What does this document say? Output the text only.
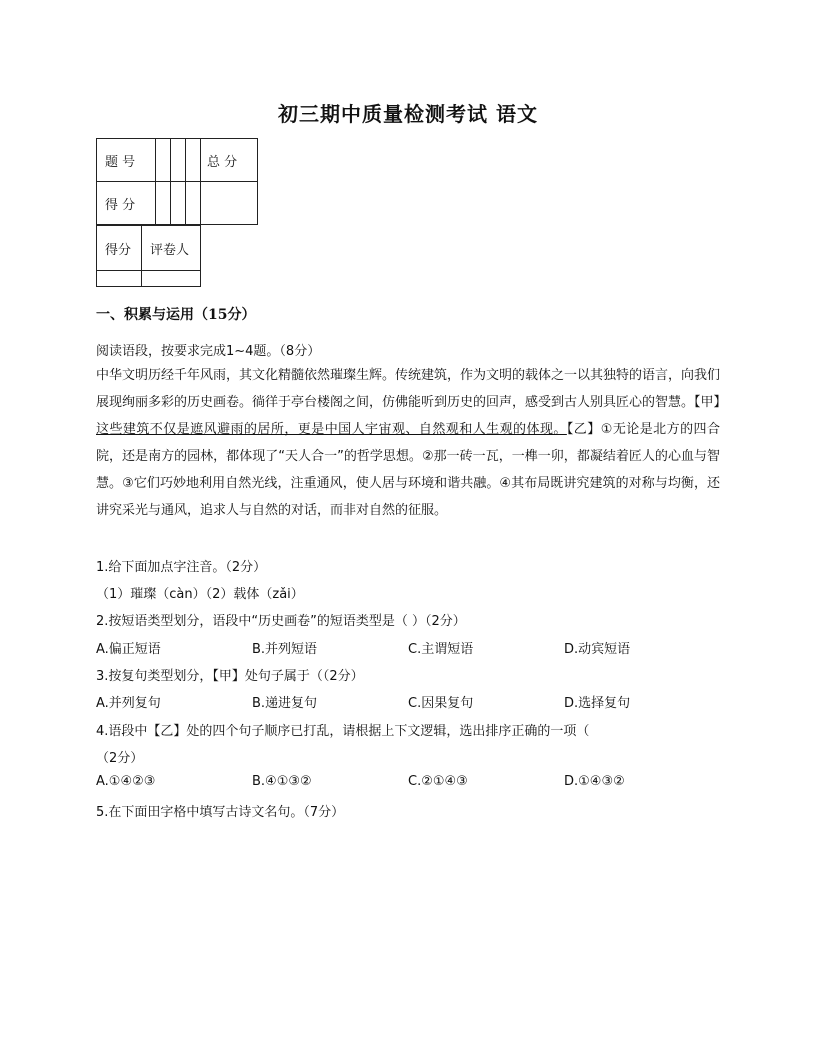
初三期中质量检测考试 语文
题 号				总 分
得 分				
得分	评卷人

一、积累与运用（15分）
阅读语段，按要求完成1~4题。（8分）
中华文明历经千年风雨，其文化精髓依然璀璨生辉。传统建筑，作为文明的载体之一以其独特的语言，向我们展现绚丽多彩的历史画卷。徜徉于亭台楼阁之间，仿佛能听到历史的回声，感受到古人别具匠心的智慧。【甲】这些建筑不仅是遮风避雨的居所，更是中国人宇宙观、自然观和人生观的体现。【乙】①无论是北方的四合院，还是南方的园林，都体现了“天人合一”的哲学思想。②那一砖一瓦，一榫一卯，都凝结着匠人的心血与智慧。③它们巧妙地利用自然光线，注重通风，使人居与环境和谐共融。④其布局既讲究建筑的对称与均衡，还讲究采光与通风，追求人与自然的对话，而非对自然的征服。
1.给下面加点字注音。（2分）
（1）璀璨（càn）（2）载体（zǎi）
2.按短语类型划分，语段中“历史画卷”的短语类型是（ ）（2分）
A.偏正短语	B.并列短语	C.主谓短语	D.动宾短语
3.按复句类型划分，【甲】处句子属于（（2分）
A.并列复句	B.递进复句	C.因果复句	D.选择复句
4.语段中【乙】处的四个句子顺序已打乱，请根据上下文逻辑，选出排序正确的一项（
（2分）
A.①④②③	B.④①③②	C.②①④③	D.①④③②
5.在下面田字格中填写古诗文名句。（7分）
